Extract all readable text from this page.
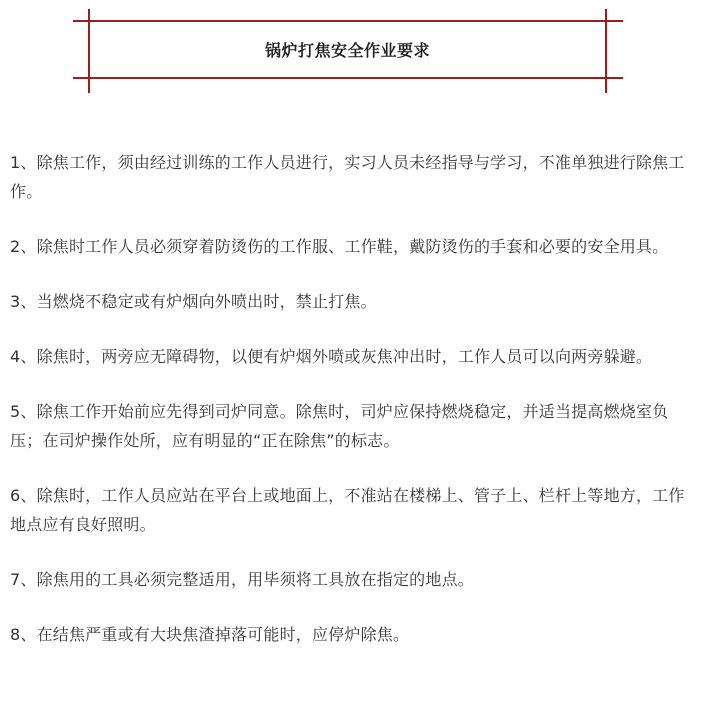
锅炉打焦安全作业要求
1、除焦工作，须由经过训练的工作人员进行，实习人员未经指导与学习，不准单独进行除焦工作。
2、除焦时工作人员必须穿着防烫伤的工作服、工作鞋，戴防烫伤的手套和必要的安全用具。
3、当燃烧不稳定或有炉烟向外喷出时，禁止打焦。
4、除焦时，两旁应无障碍物，以便有炉烟外喷或灰焦冲出时，工作人员可以向两旁躲避。
5、除焦工作开始前应先得到司炉同意。除焦时，司炉应保持燃烧稳定，并适当提高燃烧室负压；在司炉操作处所，应有明显的“正在除焦”的标志。
6、除焦时，工作人员应站在平台上或地面上，不准站在楼梯上、管子上、栏杆上等地方，工作地点应有良好照明。
7、除焦用的工具必须完整适用，用毕须将工具放在指定的地点。
8、在结焦严重或有大块焦渣掉落可能时，应停炉除焦。
